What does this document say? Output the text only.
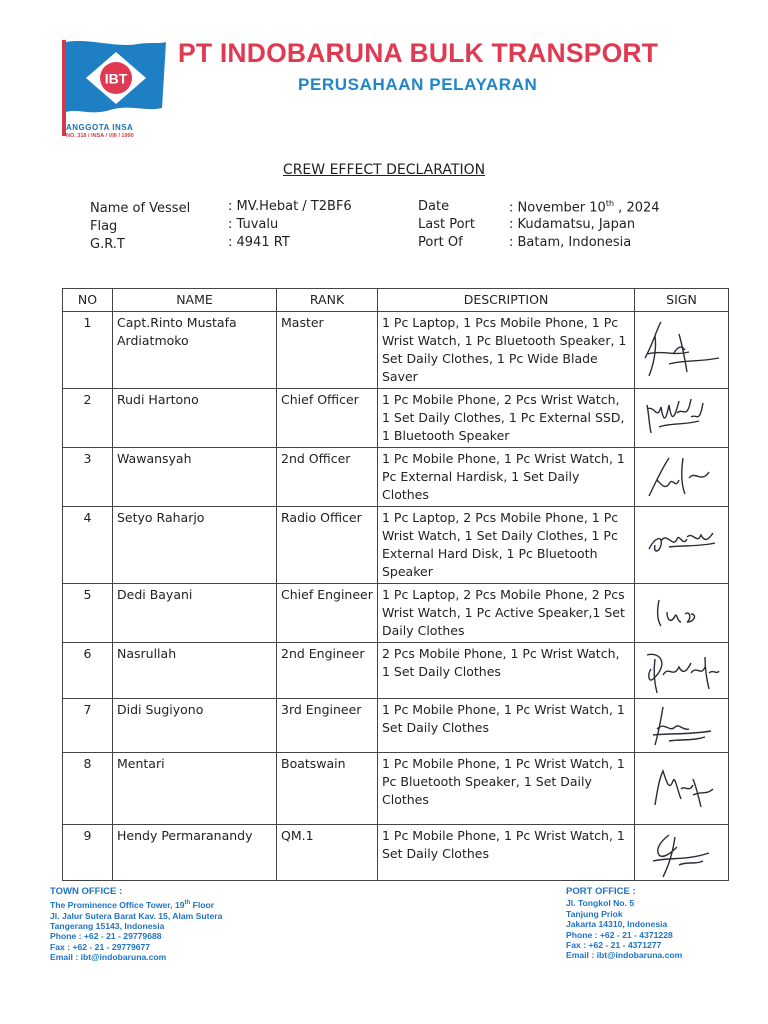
IBT
ANGGOTA INSA
NO. 318 / INSA / VIII / 1990
PT INDOBARUNA BULK TRANSPORT
PERUSAHAAN PELAYARAN
CREW EFFECT DECLARATION
Name of Vessel	: MV.Hebat / T2BF6
Flag	: Tuvalu
G.R.T	: 4941 RT
Date	: November 10th , 2024
Last Port	: Kudamatsu, Japan
Port Of	: Batam, Indonesia
NO	NAME	RANK	DESCRIPTION	SIGN
1	Capt.Rinto Mustafa Ardiatmoko	Master	1 Pc Laptop, 1 Pcs Mobile Phone, 1 Pc Wrist Watch, 1 Pc Bluetooth Speaker, 1 Set Daily Clothes, 1 Pc Wide Blade Saver	

2	Rudi Hartono	Chief Officer	1 Pc Mobile Phone, 2 Pcs Wrist Watch, 1 Set Daily Clothes, 1 Pc External SSD, 1 Bluetooth Speaker	

3	Wawansyah	2nd Officer	1 Pc Mobile Phone, 1 Pc Wrist Watch, 1 Pc External Hardisk, 1 Set Daily Clothes	

4	Setyo Raharjo	Radio Officer	1 Pc Laptop, 2 Pcs Mobile Phone, 1 Pc Wrist Watch, 1 Set Daily Clothes, 1 Pc External Hard Disk, 1 Pc Bluetooth Speaker	

5	Dedi Bayani	Chief Engineer	1 Pc Laptop, 2 Pcs Mobile Phone, 2 Pcs Wrist Watch, 1 Pc Active Speaker,1 Set Daily Clothes	

6	Nasrullah	2nd Engineer	2 Pcs Mobile Phone, 1 Pc Wrist Watch, 1 Set Daily Clothes	

7	Didi Sugiyono	3rd Engineer	1 Pc Mobile Phone, 1 Pc Wrist Watch, 1 Set Daily Clothes	

8	Mentari	Boatswain	1 Pc Mobile Phone, 1 Pc Wrist Watch, 1 Pc Bluetooth Speaker, 1 Set Daily Clothes	

9	Hendy Permaranandy	QM.1	1 Pc Mobile Phone, 1 Pc Wrist Watch, 1 Set Daily Clothes	
TOWN OFFICE :
The Prominence Office Tower, 19th Floor
Jl. Jalur Sutera Barat Kav. 15, Alam Sutera
Tangerang 15143, Indonesia
Phone : +62 - 21 - 29779688
Fax : +62 - 21 - 29779677
Email : ibt@indobaruna.com
PORT OFFICE :
Jl. Tongkol No. 5
Tanjung Priok
Jakarta 14310, Indonesia
Phone : +62 - 21 - 4371228
Fax : +62 - 21 - 4371277
Email : ibt@indobaruna.com
